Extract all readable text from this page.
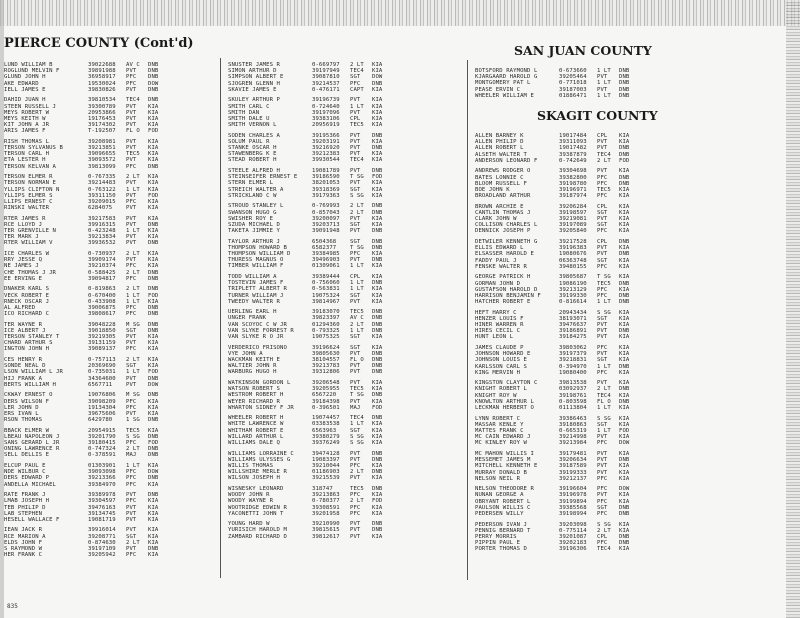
PIERCE COUNTY (Cont'd)	SAN JUAN COUNTY
SKAGIT COUNTY
LUND WILLIAM B	39022688 AV C DNB
ROGLUND MELVIN F	39891988 PVT DNB
GLUND JOHN H	36958917 PFC DNB
AKE EDWARD	19530024 PFC DOW
IELL JAMES E	39830826 PVT DNB
DAHID JUAN H	39810534 TEC4 DNB
STEEN RUSSELL J	39300789 PVT KIA
MEYS ROBERT W	20953866 PVT KIA
MEYS KEITH W	19176453 PVT KIA
KIT JOHN A JR	39174302 PVT KIA
ARIS JAMES F	T-192507 FL O FOD
RISH THOMAS L	39208981 PVT KIA
TERSON SYLVANUS B	39213851 PVT KIA
TERSON CARL H	39096655 TEC5 KIA
ETA LESTER H	39093572 PVT KIA
TERSON KELVAN A	39813099 PFC DNB
TERSON ELMER R	0-767335 2 LT KIA
TERSON NORMAN E	39214483 PVT KIA
YLLIPS CLIFTON N	0-763122 1 LT KIA
YLLIPS ELMER S	39311150 PVT FOD
LLIPS ERNEST C	39209015 PFC KIA
RINSKI WALTER	6284075 PVT KIA
RTER JAMES R	39217583 PVT KIA
RCE LLOYD J	39916315 PVT DNB
TER GRENVILLE N	0-423248 1 LT KIA
TER MARK J	39213834 PVT KIA
RTER WILLIAM V	39936532 PVT DNB
ICE CHARLES W	0-730937 2 LT KIA
RRY JESSE Q	39909174 PVT KIA
NE JAMES J	39210374 PFC KIA
CHE THOMAS J JR	0-588425 2 LT DNB
EE ERVING E	39094817 PFC DNB
DNAKER KARL S	0-819863 2 LT DNB
VECK ROBERT E	0-670400 1 LT FOD
RNECK OSCAR J	0-433908 1 LT KIA
AL ALFRED	39006875 PFC DNB
ICO RICHARD C	39808617 PFC DNB
TER WAYNE R	39048228 M SG DNB
ICE ALBERT J	39018850 SGT DNB
TERSON STANLEY T	39219305 PVT KIA
CHARD ARTHUR S	39131159 PVT KIA
INGTON JOHN H	39089137 PFC KIA
CES HENRY R	0-757113 2 LT KIA
SONDE NEAL D	20369690 SGT KIA
LSON WILLIAM L JR	0-735031 1 LT FOD
HIJ FRANK A	34364600 PVT DNB
BERTS WILLIAM H	6567711 PVT DOW
CKWAY ERNEST O	19076806 M SG DNB
DERS WILSON F	39098209 PFC KIA
LER JOHN D	19134304 PFC KIA
ERS IVAN L	39675606 PVT KIA
RSON THOMAS	6429780 1 SG DNB
BBACK ELMER W	20954915 TEC5 KIA
LBEAU NAPOLEON J	39201790 S SG DNB
SANS GERARD L JR	39180415 PFC FOD
ONING LAWRENCE R	0-747324 2 LT DNB
SELL DELLIS E	0-378591 MAJ DNB
ELCUP PAUL E	01303901 1 LT KIA
NDE WILBUR C	39093098 PFC DOW
DERS EDWARD P	39213366 PFC DNB
ANDELLA MICHAEL	39384970 PFC KIA
RATE FRANK J	39389978 PVT DNB
LMAB JOSEPH H	39304597 PFC KIA
TEB PHILIP D	39476163 PVT KIA
LAB STEPHEN	39134745 PVT KIA
HESELL WALLACE F	19081719 PVT KIA
IEAN JACK R	39916014 PVT KIA
RCE MARION A	39208771 SGT KIA
ELDS JOHN F	0-874630 2 LT KIA
S RAYMOND W	39197109 PVT DNB
HER FRANK C	39205942 PFC KIA
SNUSTER JAMES R	0-669797 2 LT KIA
SIMON ARTHUR D	39197949 TEC4 KIA
SIMPSON ALBERT E	39087810 SGT DOW
SJOGREN GLENN H	39214537 PFC DNB
SKAVIE JAMES E	0-476171 CAPT KIA
SKULEY ARTHUR P	39196739 PVT KIA
SMITH CARL C	0-724640 1 LT KIA
SMITH DAN	39197096 PVT KIA
SMITH DALE U	39383106 CPL KIA
SMITH VERNON L	20956919 TEC5 KIA
SODEN CHARLES A	39195366 PVT DNB
SOLUM PAUL R	39203191 PVT KIA
STANKE OSCAR H	39216920 PVT DNB
STAWENBERG K E	39212383 PVT KIA
STEAD ROBERT H	39930544 TEC4 KIA
STEELE ALFRED H	19081789 PVT DNB
STEINSEIFER ERNEST E	39186590 T SG FOD
STERN ELMER L	38201053 PVT KIA
STREICH WALTER A	39318369 SGT KIA
STRICKLAND C W	39179363 S SG KIA
STROUD STANLEY L	0-769993 2 LT DNB
SWANSON HUGO G	0-857043 2 LT DNB
SWISHER ROY E	39200097 PVT KIA
SZUDA MICHAEL D	39203713 SGT KIA
TAKETA JIMMIE Y	39091948 PVT DNB
TAYLOR ARTHUR J	6504368 SGT DNB
THOMPSON HOWARD B	6582377 T SG DNB
THOMPSON WILLIAM D	39384985 PFC KIA
THURESS MAGNUS O	39496903 PVT DNB
TIMBER WILLIAM F	01309061 1 LT KIA
TODD WILLIAM A	39389444 CPL KIA
TOSTEVIN JAMES F	0-756060 1 LT DNB
TRIPLETT ALBERT R	0-563831 1 LT KIA
TURNER WILLIAM J	19075324 SGT KIA
TWEEDY WALTER R	39814967 PVT KIA
UERLING EARL H	39183070 TEC5 DNB
UNGER FRANK	39823397 AV C DNB
VAN SCOYOC C W JR	01294360 2 LT DNB
VAN SLYKE FORREST R	0-793325 1 LT DNB
VAN SLYKE R O JR	19075325 SGT KIA
VERDERICO FRISONO	39196624 SGT KIA
VYE JOHN A	39805630 PVT DNB
WACKMAN KEITH E	38104557 FL O DNB
WALTIER JOHN R	39213783 PVT DNB
WARBURG HUGO H	39312806 PVT DNB
WATKINSON GORDON L	39206548 PVT KIA
WATSON ROBERT S	39205955 TEC5 KIA
WESTROM ROBERT H	6567220 T SG DNB
WEYER RICHARD R	39184398 PVT KIA
WHARTON SIDNEY F JR	0-396501 MAJ FOD
WHEELER ROBERT H	19074457 TEC4 DNB
WHITE LAWRENCE W	03383538 1 LT KIA
WHITHAM ROBERT E	6563963 SGT KIA
WILLARD ARTHUR L	39380279 S SG KIA
WILLIAMS DALE Q	39376249 S SG KIA
WILLIAMS LORRAINE C	39474128 PVT DNB
WILLIAMS ULYSSES G	19083397 PVT DNB
WILLIS THOMAS	39210044 PFC KIA
WILLSHIRE MERLE R	01186903 2 LT DNB
WILSON JOSEPH H	39215539 PVT KIA
WISNESKY LEONARD	318747	TEC5 DNB
WOODY JOHN R	39213863 PFC KIA
WOODY WAYNE R	0-780377 2 LT FOD
WOOTRIDGE EDWIN R	39308591 PFC KIA
YACONETTI JOHN T	39201958 PFC KIA
YOUNG HARD W	39210990 PVT DNB
YURISICH HAROLD M	39815615 PVT DNB
ZAMBARD RICHARD D	39812617 PVT KIA
BOTSFORD RAYMOND L	0-673660 1 LT DNB
KJARGAARD HAROLD G	39205464 PVT DNB
MONTGOMERY PAT L	0-771018 1 LT DNB
PEASE ERVIN C	39187003 PVT DNB
WHEELER WILLIAM E	01886471 1 LT DNB
ALLEN BARNEY K	19017484 CPL KIA
ALLEN PHILIP D	39311093 PVT KIA
ALLEN ROBERT L	19017482 PVT DNB
ALSETH WALTER T	39387879 TEC4 DNB
ANDERSON LEONARD F	0-742649 2 LT FOD
ANDREWS RODGER O	39304698 PVT KIA
BATES LONNIE C	39382800 PFC DNB
BLOOM RUSSELL F	39198780 PFC DNB
BOE JOHN K	39196971 TEC5 KIA
BROADLAND ARTHUR	39187974 PFC KIA
BROWN ARCHIE E	39206284 CPL KIA
CANTLIN THOMAS J	39198597 SGT KIA
CLARK JOHN W	39219081 PVT KIA
COLLISON CHARLES L	39197089 SGT KIA
DENNICK JOSEPH P	39205840 PFC KIA
DETWILER KENNETH G	39217528 CPL DNB
ELLIS EDWARD L	39196383 PVT KIA
ELSASSER HAROLD E	19080676 PVT DNB
FADDY PAUL J	06363748 SGT KIA
FENSKE WALTER R	39480155 PFC KIA
GEORGE PATRICK H	39805687 T SG KIA
GORMAN JOHN D	19086190 TEC5 DNB
GUSTAFSON HAROLD D	39213129 PFC KIA
HARRISON BENJAMIN F	39199330 PFC DNB
HATCHER ROBERT E	0-816614 1 LT DNB
HEFT HARRY C	20943434 S SG KIA
HENZER LOUIS F	38193071 SGT KIA
HINER WARREN R	39476637 PVT KIA
HIRES CECIL C	39186891 PVT DNB
HUNT LEON L	39184275 PVT KIA
JAMES CLAUDE P	39803062 PFC KIA
JOHNSON HOWARD E	39197379 PVT KIA
JOHNSON LOUIS E	39218831 SGT KIA
KARLSSON CARL S	0-394970 1 LT DNB
KING MERVIN H	19080400 PFC KIA
KINGSTON CLAYTON C	39813538 PVT KIA
KNIGHT ROBERT L	03092937 2 LT DNB
KNIGHT ROY W	39198761 TEC4 KIA
KNOWLTON ARTHUR L	0-803598 FL O DNB
LECKMAN HERBERT O	01113804 1 LT KIA
LYNN ROBERT C	39386463 S SG KIA
MASSAR KENLE Y	39180863 SGT KIA
MATTES FRANK C	0-665319 1 LT FOD
MC CAIN EDWARD J	39214998 PVT KIA
MC KINLEY ROY W	39213984 PFC DOW
MC MAHON WILLIS I	39179481 PVT KIA
MESSEMET JAMES M	39206634 PVT DNB
MITCHELL KENNETH E	39187589 PVT KIA
MURRAY DONALD B	39199333 PVT KIA
NELSON NEIL R	39212137 PFC KIA
NELSON THEODORE R	39196604 PFC DOW
NUNAN GEORGE A	39196978 PVT KIA
OBRYANT ROBERT L	39199894 PFC KIA
PAULSON WILLIS C	39385568 SGT DNB
PEDERSEN WILLY	39198994 PFC DNB
PEDERSON IVAN J	39203098 S SG KIA
PENNIG BERNARD T	0-775114 2 LT KIA
PERRY MORRIS	39201087 CPL DNB
PIPPIN PAUL E	39202183 PFC DNB
PORTER THOMAS D	39196306 TEC4 KIA
835
